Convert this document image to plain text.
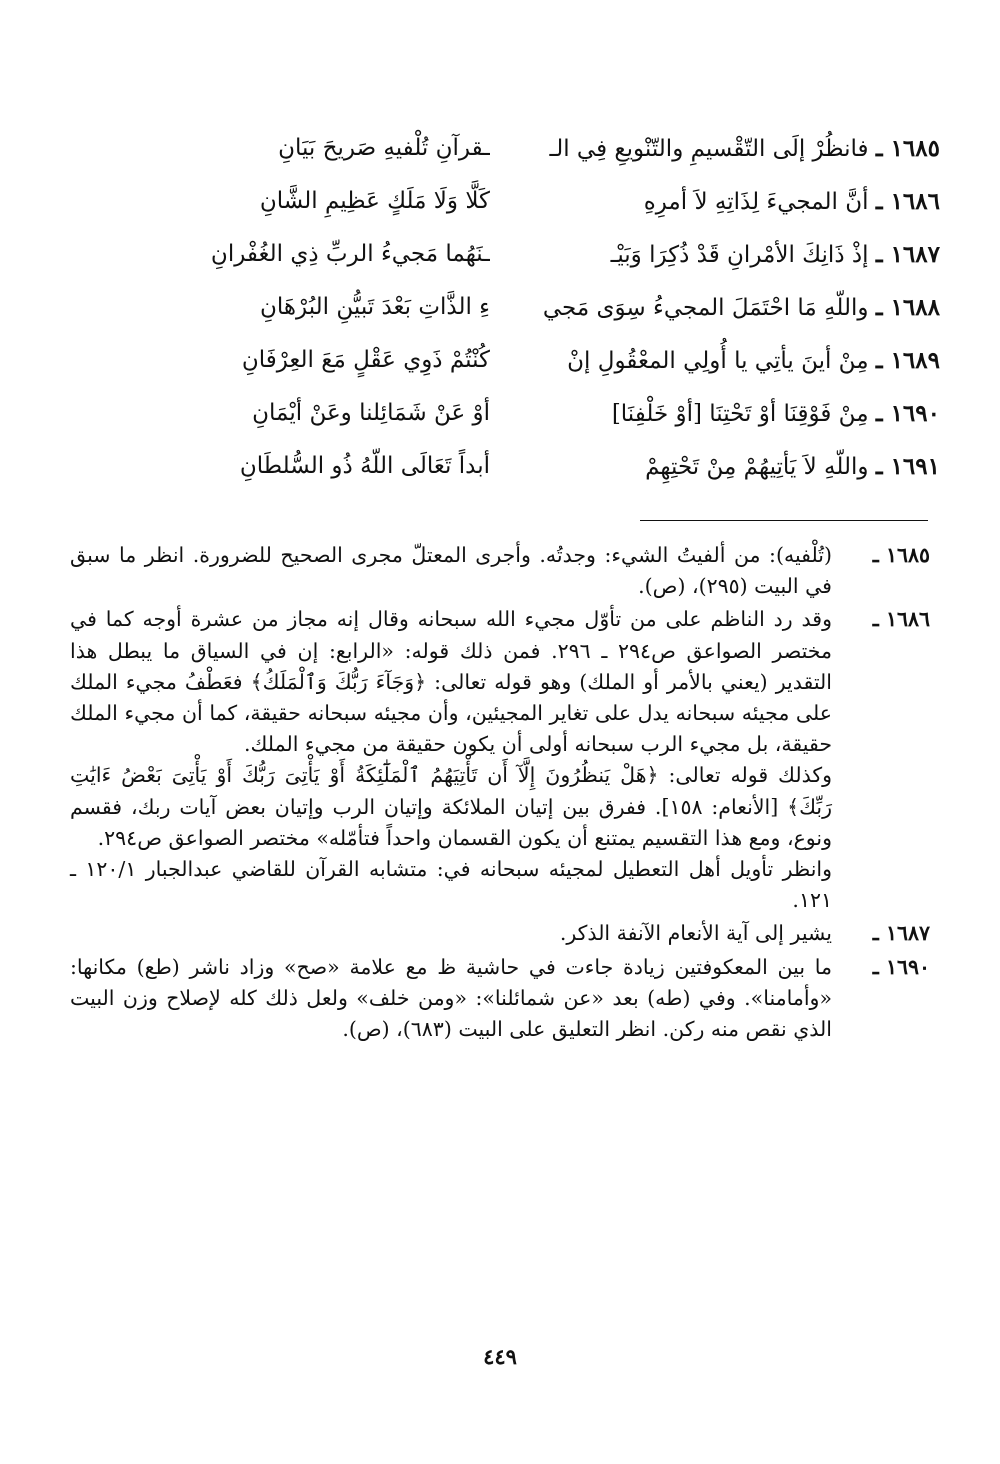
١٦٨٥ ـ فانظُرْ إلَى التّقْسيمِ والتّنْويعِ فِي الـ
ـقرآنِ تُلْفيهِ صَريحَ بَيَانِ
١٦٨٦ ـ أنَّ المجيءَ لِذَاتِهِ لاَ أمرِهِ
كَلَّا وَلَا مَلَكٍ عَظِيمِ الشَّانِ
١٦٨٧ ـ إذْ ذَانِكَ الأمْرانِ قَدْ ذُكِرَا وَبَيْـ
ـنَهُما مَجيءُ الربِّ ذِي الغُفْرانِ
١٦٨٨ ـ واللّهِ مَا احْتَمَلَ المجيءُ سِوَى مَجي
ءِ الذَّاتِ بَعْدَ تَبيُّنِ البُرْهَانِ
١٦٨٩ ـ مِنْ أينَ يأتِي يا أُولِي المعْقُولِ إنْ
كُنْتُمْ ذَوِي عَقْلٍ مَعَ العِرْفَانِ
١٦٩٠ ـ مِنْ فَوْقِنَا أوْ تَحْتِنَا [أوْ خَلْفِنَا]
أوْ عَنْ شَمَائِلنا وعَنْ أيْمَانِ
١٦٩١ ـ واللّهِ لاَ يَأتِيهُمْ مِنْ تَحْتِهِمْ
أبداً تَعَالَى اللّهُ ذُو السُّلطَانِ
١٦٨٥ ـ
(تُلْفيه): من ألفيتُ الشيء: وجدتُه. وأجرى المعتلّ مجرى الصحيح للضرورة. انظر ما سبق في البيت (٢٩٥)، (ص).
١٦٨٦ ـ
وقد رد الناظم على من تأوّل مجيء الله سبحانه وقال إنه مجاز من عشرة أوجه كما في مختصر الصواعق ص٢٩٤ ـ ٢٩٦. فمن ذلك قوله: «الرابع: إن في السياق ما يبطل هذا التقدير (يعني بالأمر أو الملك) وهو قوله تعالى: ﴿وَجَآءَ رَبُّكَ وَٱلْمَلَكُ﴾ فعَطْفُ مجيء الملك على مجيئه سبحانه يدل على تغاير المجيئين، وأن مجيئه سبحانه حقيقة، كما أن مجيء الملك حقيقة، بل مجيء الرب سبحانه أولى أن يكون حقيقة من مجيء الملك.
وكذلك قوله تعالى: ﴿هَلْ يَنظُرُونَ إِلَّآ أَن تَأْتِيَهُمُ ٱلْمَلَٰٓئِكَةُ أَوْ يَأْتِىَ رَبُّكَ أَوْ يَأْتِىَ بَعْضُ ءَايَٰتِ رَبِّكَ﴾ [الأنعام: ١٥٨]. ففرق بين إتيان الملائكة وإتيان الرب وإتيان بعض آيات ربك، فقسم ونوع، ومع هذا التقسيم يمتنع أن يكون القسمان واحداً فتأمّله» مختصر الصواعق ص٢٩٤.
وانظر تأويل أهل التعطيل لمجيئه سبحانه في: متشابه القرآن للقاضي عبدالجبار ١٢٠/١ ـ ١٢١.
١٦٨٧ ـ
يشير إلى آية الأنعام الآنفة الذكر.
١٦٩٠ ـ
ما بين المعكوفتين زيادة جاءت في حاشية ظ مع علامة «صح» وزاد ناشر (طع) مكانها: «وأمامنا». وفي (طه) بعد «عن شمائلنا»: «ومن خلف» ولعل ذلك كله لإصلاح وزن البيت الذي نقص منه ركن. انظر التعليق على البيت (٦٨٣)، (ص).
٤٤٩
